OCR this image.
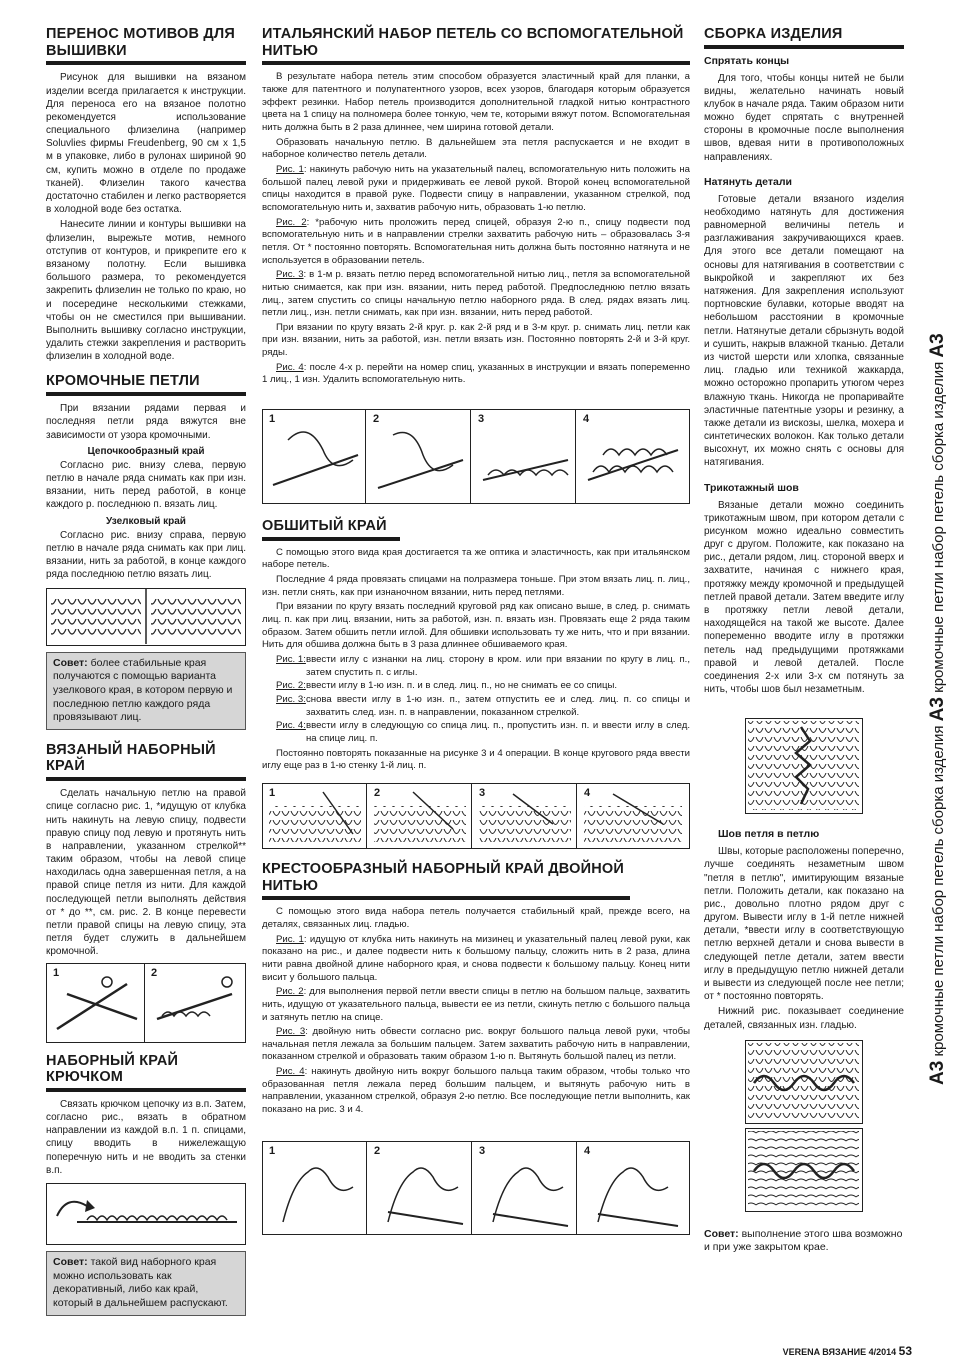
ПЕРЕНОС МОТИВОВ ДЛЯ ВЫШИВКИ

Рисунок для вышивки на вязаном изделии всегда прилагается к инструкции. Для переноса его на вязаное полотно рекомендуется использование специального флизелина (например Soluvlies фирмы Freudenberg, 90 см х 1,5 м в упаковке, либо в рулонах шириной 90 см, купить можно в отделе по продаже тканей). Флизелин такого качества достаточно стабилен и легко растворяется в холодной воде без остатка.

Нанесите линии и контуры вышивки на флизелин, вырежьте мотив, немного отступив от контуров, и прикрепите его к вязаному полотну. Если вышивка большого размера, то рекомендуется закрепить флизелин не только по краю, но и посередине несколькими стежками, чтобы он не сместился при вышивании. Выполнить вышивку согласно инструкции, удалить стежки закрепления и растворить флизелин в холодной воде.

КРОМОЧНЫЕ ПЕТЛИ

При вязании рядами первая и последняя петли ряда вяжутся вне зависимости от узора кромочными.

Цепочкообразный край

Согласно рис. внизу слева, первую петлю в начале ряда снимать как при изн. вязании, нить перед работой, в конце каждого р. последнюю п. вязать лиц.

Узелковый край

Согласно рис. внизу справа, первую петлю в начале ряда снимать как при лиц. вязании, нить за работой, в конце каждого ряда последнюю петлю вязать лиц.

Совет: более стабильные края получаются с помощью варианта узелкового края, в котором первую и последнюю петлю каждого ряда провязывают лиц.
ВЯЗАНЫЙ НАБОРНЫЙ КРАЙ

Сделать начальную петлю на правой спице согласно рис. 1, *идущую от клубка нить накинуть на левую спицу, подвести правую спицу под левую и протянуть нить в направлении, указанном стрелкой** таким образом, чтобы на левой спице находилась одна завершенная петля, а на правой спице петля из нити. Для каждой последующей петли выполнять действия от * до **, см. рис. 2. В конце перевести петли правой спицы на левую спицу, эта петля будет служить в дальнейшем кромочной.

1	2
НАБОРНЫЙ КРАЙ КРЮЧКОМ

Связать крючком цепочку из в.п. Затем, согласно рис., вязать в обратном направлении из каждой в.п. 1 п. спицами, спицу вводить в нижележащую поперечную нить и не вводить за стенки в.п.

Совет: такой вид наборного края можно использовать как декоративный, либо как край, который в дальнейшем распускают.
ИТАЛЬЯНСКИЙ НАБОР ПЕТЕЛЬ СО ВСПОМОГАТЕЛЬНОЙ НИТЬЮ

В результате набора петель этим способом образуется эластичный край для планки, а также для патентного и полупатентного узоров, всех узоров, благодаря которым образуется эффект резинки. Набор петель производится дополнительной гладкой нитью контрастного цвета на 1 спицу на полномера более тонкую, чем те, которыми вяжут потом. Вспомогательная нить должна быть в 2 раза длиннее, чем ширина готовой детали.

Образовать начальную петлю. В дальнейшем эта петля распускается и не входит в наборное количество петель детали.

Рис. 1: накинуть рабочую нить на указательный палец, вспомогательную нить положить на большой палец левой руки и придерживать ее левой рукой. Второй конец вспомогательной спицы находится в правой руке. Подвести спицу в направлении, указанном стрелкой, под вспомогательную нить и, захватив рабочую нить, образовать 1-ю петлю.

Рис. 2: *рабочую нить проложить перед спицей, образуя 2-ю п., спицу подвести под вспомогательную нить и в направлении стрелки захватить рабочую нить – образовалась 3-я петля. От * постоянно повторять. Вспомогательная нить должна быть постоянно натянута и не используется в образовании петель.

Рис. 3: в 1-м р. вязать петлю перед вспомогательной нитью лиц., петля за вспомогательной нитью снимается, как при изн. вязании, нить перед работой. Предпоследнюю петлю вязать лиц., затем спустить со спицы начальную петлю наборного ряда. В след. рядах вязать лиц. петли лиц., изн. петли снимать, как при изн. вязании, нить перед работой.

При вязании по кругу вязать 2-й круг. р. как 2-й ряд и в 3-м круг. р. снимать лиц. петли как при изн. вязании, нить за работой, изн. петли вязать изн. Постоянно повторять 2-й и 3-й круг. ряды.

Рис. 4: после 4-х р. перейти на номер спиц, указанных в инструкции и вязать попеременно 1 лиц., 1 изн. Удалить вспомогательную нить.

1	2	3	4
ОБШИТЫЙ КРАЙ

С помощью этого вида края достигается та же оптика и эластичность, как при итальянском наборе петель.

Последние 4 ряда провязать спицами на полразмера тоньше. При этом вязать лиц. п. лиц., изн. петли снять, как при изнаночном вязании, нить перед петлями.

При вязании по кругу вязать последний круговой ряд как описано выше, в след. р. снимать лиц. п. как при лиц. вязании, нить за работой, изн. п. вязать изн. Провязать еще 2 ряда таким образом. Затем обшить петли иглой. Для обшивки использовать ту же нить, что и при вязании. Нить для обшива должна быть в 3 раза длиннее обшиваемого края.

Рис. 1: ввести иглу с изнанки на лиц. сторону в кром. или при вязании по кругу в лиц. п., затем спустить п. с иглы.
Рис. 2: ввести иглу в 1-ю изн. п. и в след. лиц. п., но не снимать ее со спицы.
Рис. 3: снова ввести иглу в 1-ю изн. п., затем отпустить ее и след. лиц. п. со спицы и захватить след. изн. п. в направлении, показанном стрелкой.
Рис. 4: ввести иглу в следующую со спица лиц. п., пропустить изн. п. и ввести иглу в след. на спице лиц. п.

Постоянно повторять показанные на рисунке 3 и 4 операции. В конце кругового ряда ввести иглу еще раз в 1-ю стенку 1-й лиц. п.

1	2	3	4
КРЕСТООБРАЗНЫЙ НАБОРНЫЙ КРАЙ ДВОЙНОЙ НИТЬЮ

С помощью этого вида набора петель получается стабильный край, прежде всего, на деталях, связанных лиц. гладью.

Рис. 1: идущую от клубка нить накинуть на мизинец и указательный палец левой руки, как показано на рис., и далее подвести нить к большому пальцу, сложить нить в 2 раза, длина нити равна двойной длине наборного края, и снова подвести к большому пальцу. Конец нити висит у большого пальца.

Рис. 2: для выполнения первой петли ввести спицы в петлю на большом пальце, захватить нить, идущую от указательного пальца, вывести ее из петли, скинуть петлю с большого пальца и затянуть петлю на спице.

Рис. 3: двойную нить обвести согласно рис. вокруг большого пальца левой руки, чтобы начальная петля лежала за большим пальцем. Затем захватить рабочую нить в направлении, показанном стрелкой и образовать таким образом 1-ю п. Вытянуть большой палец из петли.

Рис. 4: накинуть двойную нить вокруг большого пальца таким образом, чтобы только что образованная петля лежала перед большим пальцем, и вытянуть рабочую нить в направлении, указанном стрелкой, образуя 2-ю петлю. Все последующие петли выполнить, как показано на рис. 3 и 4.

1	2	3	4
СБОРКА ИЗДЕЛИЯ
Спрятать концы

Для того, чтобы концы нитей не были видны, желательно начинать новый клубок в начале ряда. Таким образом нити можно будет спрятать с внутренней стороны в кромочные после выполнения швов, вдевая нити в противоположных направлениях.

Натянуть детали

Готовые детали вязаного изделия необходимо натянуть для достижения равномерной величины петель и разглаживания закручивающихся краев. Для этого все детали помещают на основы для натягивания в соответствии с выкройкой и закрепляют их без натяжения. Для закрепления используют портновские булавки, которые вводят на небольшом расстоянии в кромочные петли. Натянутые детали сбрызнуть водой и сушить, накрыв влажной тканью. Детали из чистой шерсти или хлопка, связанные лиц. гладью или техникой жаккарда, можно осторожно пропарить утюгом через влажную ткань. Никогда не пропаривайте эластичные патентные узоры и резинку, а также детали из вискозы, шелка, мохера и синтетических волокон. Как только детали высохнут, их можно снять с основы для натягивания.

Трикотажный шов

Вязаные детали можно соединить трикотажным швом, при котором детали с рисунком можно идеально совместить друг с другом. Положите, как показано на рис., детали рядом, лиц. стороной вверх и захватите, начиная с нижнего края, протяжку между кромочной и предыдущей петлей правой детали. Затем введите иглу в протяжку петли левой детали, находящейся на такой же высоте. Далее попеременно вводите иглу в протяжки петель над предыдущими протяжками правой и левой деталей. После соединения 2-х или 3-х см потянуть за нить, чтобы шов был незаметным.

Шов петля в петлю

Швы, которые расположены поперечно, лучше соединять незаметным швом "петля в петлю", имитирующим вязаные петли. Положить детали, как показано на рис., довольно плотно рядом друг с другом. Вывести иглу в 1-й петле нижней детали, *ввести иглу в соответствующую петлю верхней детали и снова вывести в следующей петле детали, затем ввести иглу в предыдущую петлю нижней детали и вывести из следующей после нее петли; от * постоянно повторять.

Нижний рис. показывает соединение деталей, связанных изн. гладью.

Совет: выполнение этого шва возможно и при уже закрытом крае.
А3 кромочные петли набор петель сборка изделия А3 кромочные петли набор петель сборка изделия А3
VERENA ВЯЗАНИЕ 4/2014 53
